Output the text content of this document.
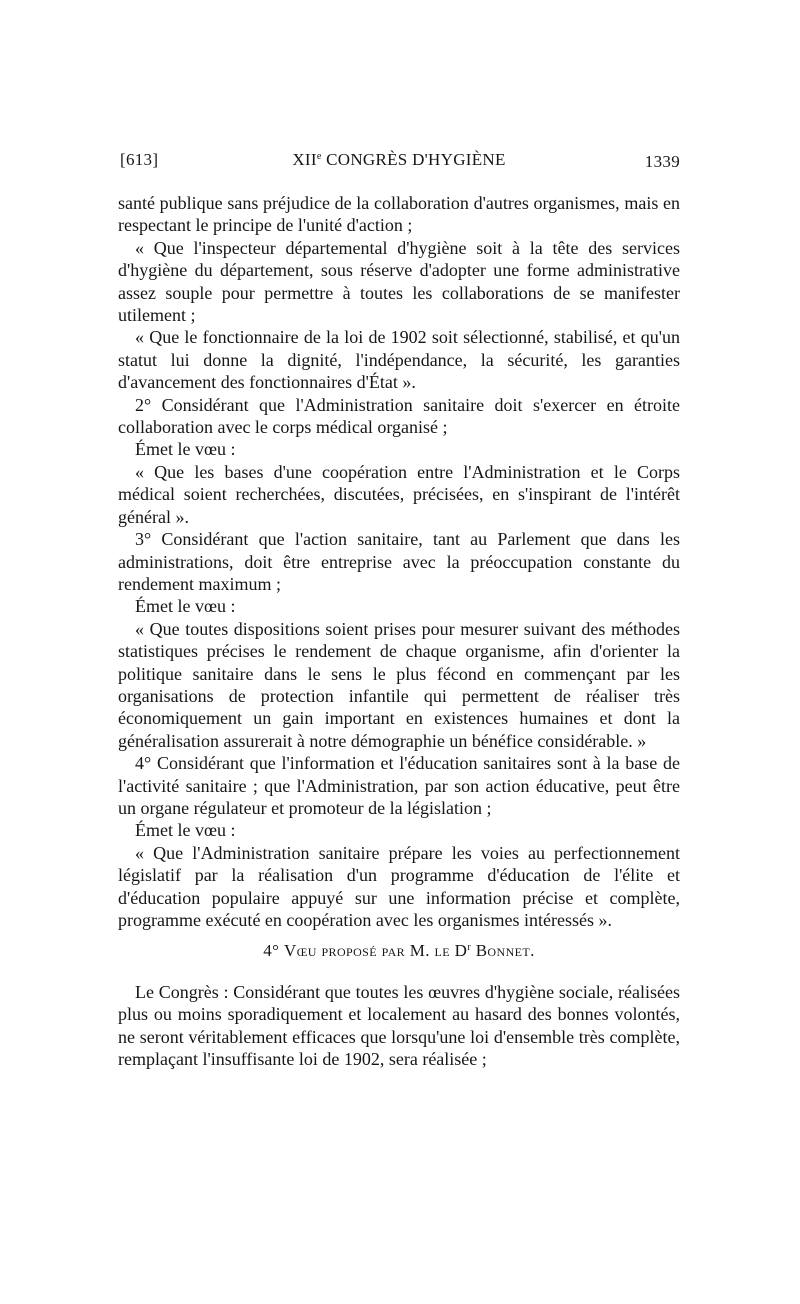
[613]	XIIe CONGRÈS D'HYGIÈNE	1339

santé publique sans préjudice de la collaboration d'autres organismes, mais en respectant le principe de l'unité d'action ;

« Que l'inspecteur départemental d'hygiène soit à la tête des services d'hygiène du département, sous réserve d'adopter une forme administrative assez souple pour permettre à toutes les collaborations de se manifester utilement ;

« Que le fonctionnaire de la loi de 1902 soit sélectionné, stabilisé, et qu'un statut lui donne la dignité, l'indépendance, la sécurité, les garanties d'avancement des fonctionnaires d'État ».

2° Considérant que l'Administration sanitaire doit s'exercer en étroite collaboration avec le corps médical organisé ;

Émet le vœu :

« Que les bases d'une coopération entre l'Administration et le Corps médical soient recherchées, discutées, précisées, en s'inspirant de l'intérêt général ».

3° Considérant que l'action sanitaire, tant au Parlement que dans les administrations, doit être entreprise avec la préoccupation constante du rendement maximum ;

Émet le vœu :

« Que toutes dispositions soient prises pour mesurer suivant des méthodes statistiques précises le rendement de chaque organisme, afin d'orienter la politique sanitaire dans le sens le plus fécond en commençant par les organisations de protection infantile qui permettent de réaliser très économiquement un gain important en existences humaines et dont la généralisation assurerait à notre démographie un bénéfice considérable. »

4° Considérant que l'information et l'éducation sanitaires sont à la base de l'activité sanitaire ; que l'Administration, par son action éducative, peut être un organe régulateur et promoteur de la législation ;

Émet le vœu :

« Que l'Administration sanitaire prépare les voies au perfectionnement législatif par la réalisation d'un programme d'éducation de l'élite et d'éducation populaire appuyé sur une information précise et complète, programme exécuté en coopération avec les organismes intéressés ».

4° Vœu proposé par M. le $D^r$ Bonnet.

Le Congrès : Considérant que toutes les œuvres d'hygiène sociale, réalisées plus ou moins sporadiquement et localement au hasard des bonnes volontés, ne seront véritablement efficaces que lorsqu'une loi d'ensemble très complète, remplaçant l'insuffisante loi de 1902, sera réalisée ;
